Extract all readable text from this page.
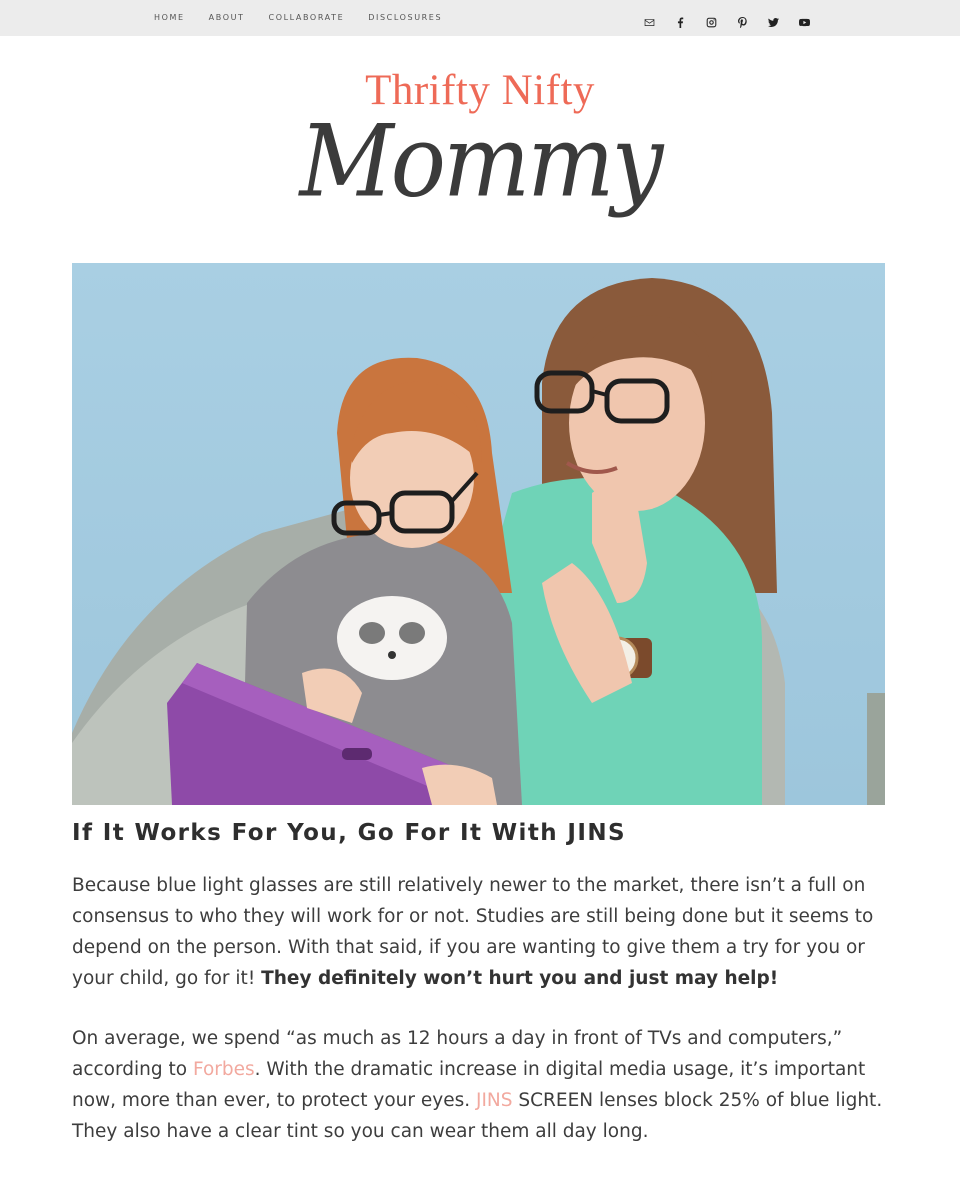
HOME	ABOUT	COLLABORATE	DISCLOSURES
Thrifty Nifty
Mommy
If It Works For You, Go For It With JINS

Because blue light glasses are still relatively newer to the market, there isn’t a full on consensus to who they will work for or not. Studies are still being done but it seems to depend on the person. With that said, if you are wanting to give them a try for you or your child, go for it! They definitely won’t hurt you and just may help!

On average, we spend “as much as 12 hours a day in front of TVs and computers,” according to Forbes. With the dramatic increase in digital media usage, it’s important now, more than ever, to protect your eyes. JINS SCREEN lenses block 25% of blue light. They also have a clear tint so you can wear them all day long.
